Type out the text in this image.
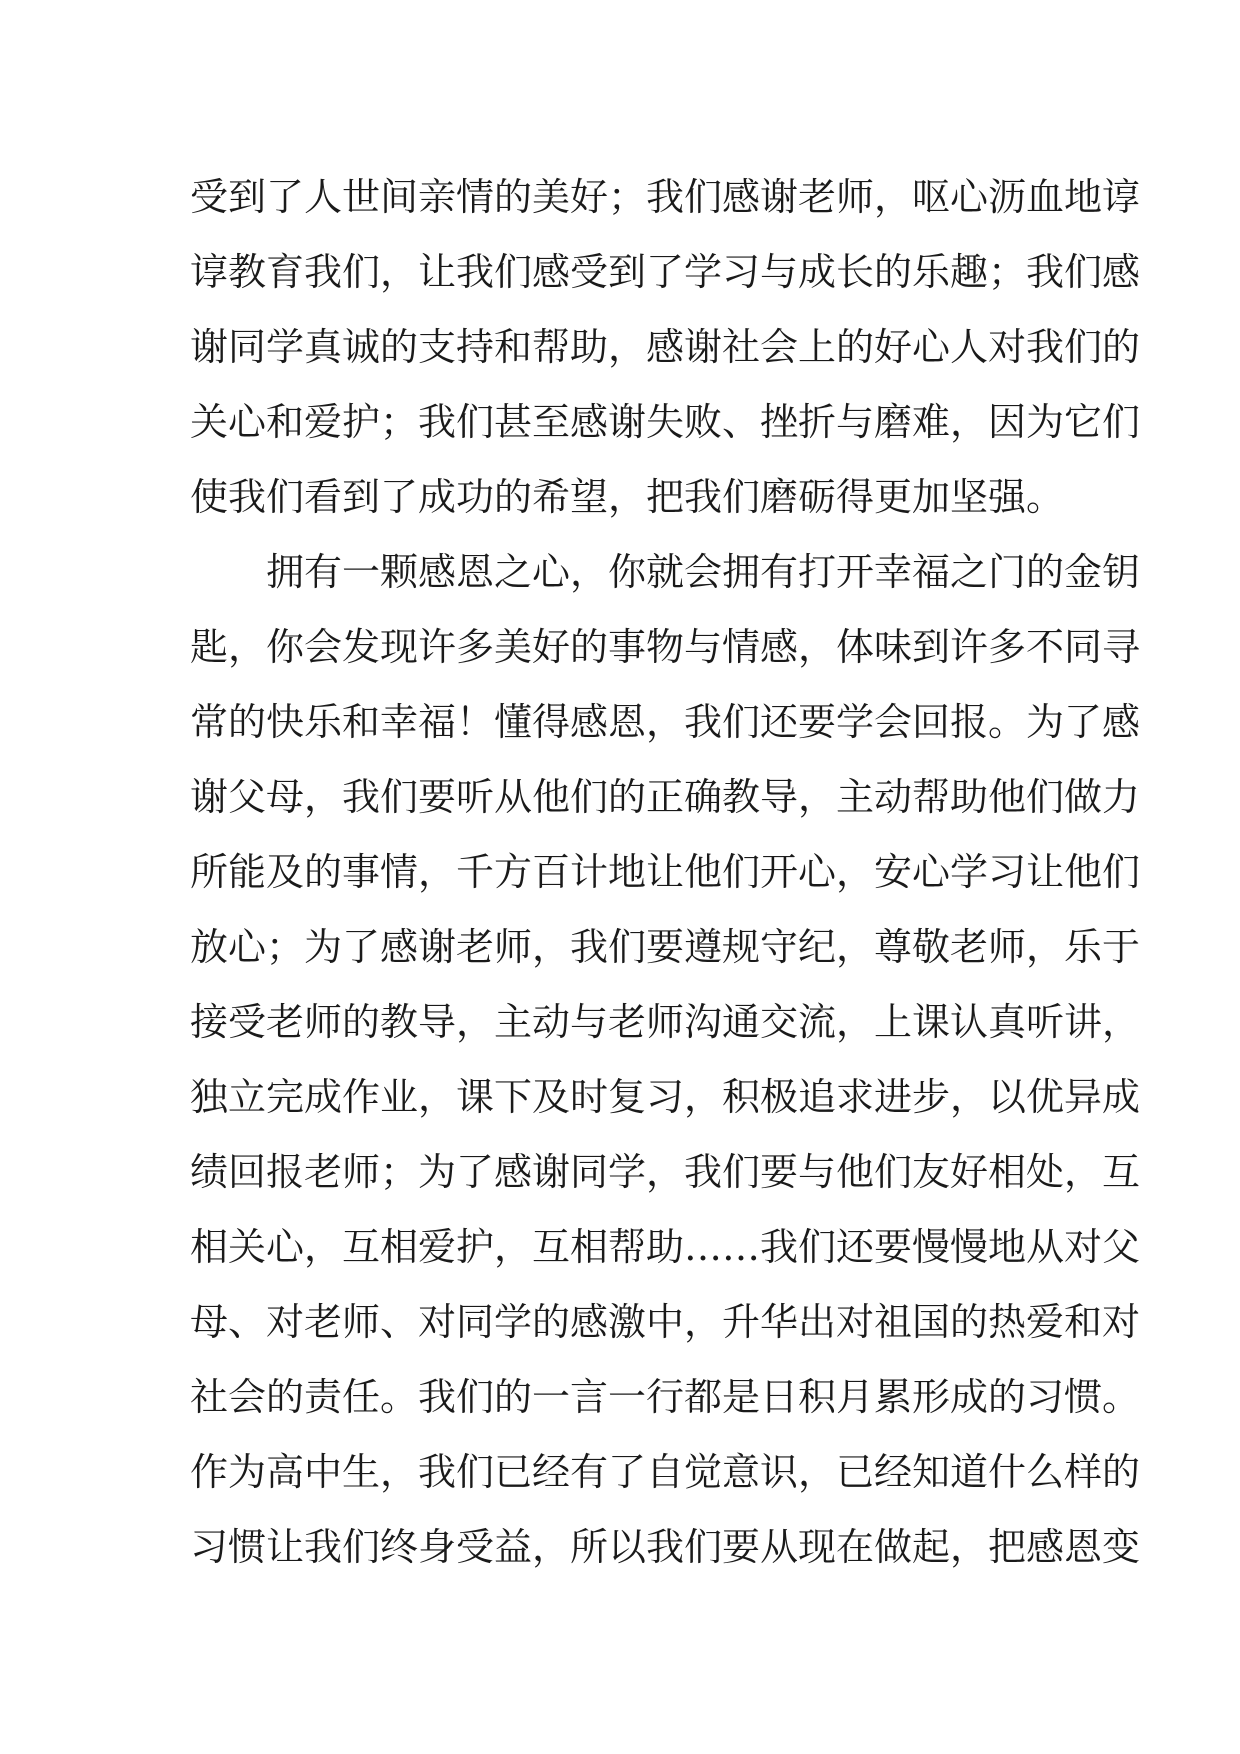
受到了人世间亲情的美好；我们感谢老师，呕心沥血地谆
谆教育我们，让我们感受到了学习与成长的乐趣；我们感
谢同学真诚的支持和帮助，感谢社会上的好心人对我们的
关心和爱护；我们甚至感谢失败、挫折与磨难，因为它们
使我们看到了成功的希望，把我们磨砺得更加坚强。
拥有一颗感恩之心，你就会拥有打开幸福之门的金钥
匙，你会发现许多美好的事物与情感，体味到许多不同寻
常的快乐和幸福！懂得感恩，我们还要学会回报。为了感
谢父母，我们要听从他们的正确教导，主动帮助他们做力
所能及的事情，千方百计地让他们开心，安心学习让他们
放心；为了感谢老师，我们要遵规守纪，尊敬老师，乐于
接受老师的教导，主动与老师沟通交流，上课认真听讲，
独立完成作业，课下及时复习，积极追求进步，以优异成
绩回报老师；为了感谢同学，我们要与他们友好相处，互
相关心，互相爱护，互相帮助……我们还要慢慢地从对父
母、对老师、对同学的感激中，升华出对祖国的热爱和对
社会的责任。我们的一言一行都是日积月累形成的习惯。
作为高中生，我们已经有了自觉意识，已经知道什么样的
习惯让我们终身受益，所以我们要从现在做起，把感恩变
